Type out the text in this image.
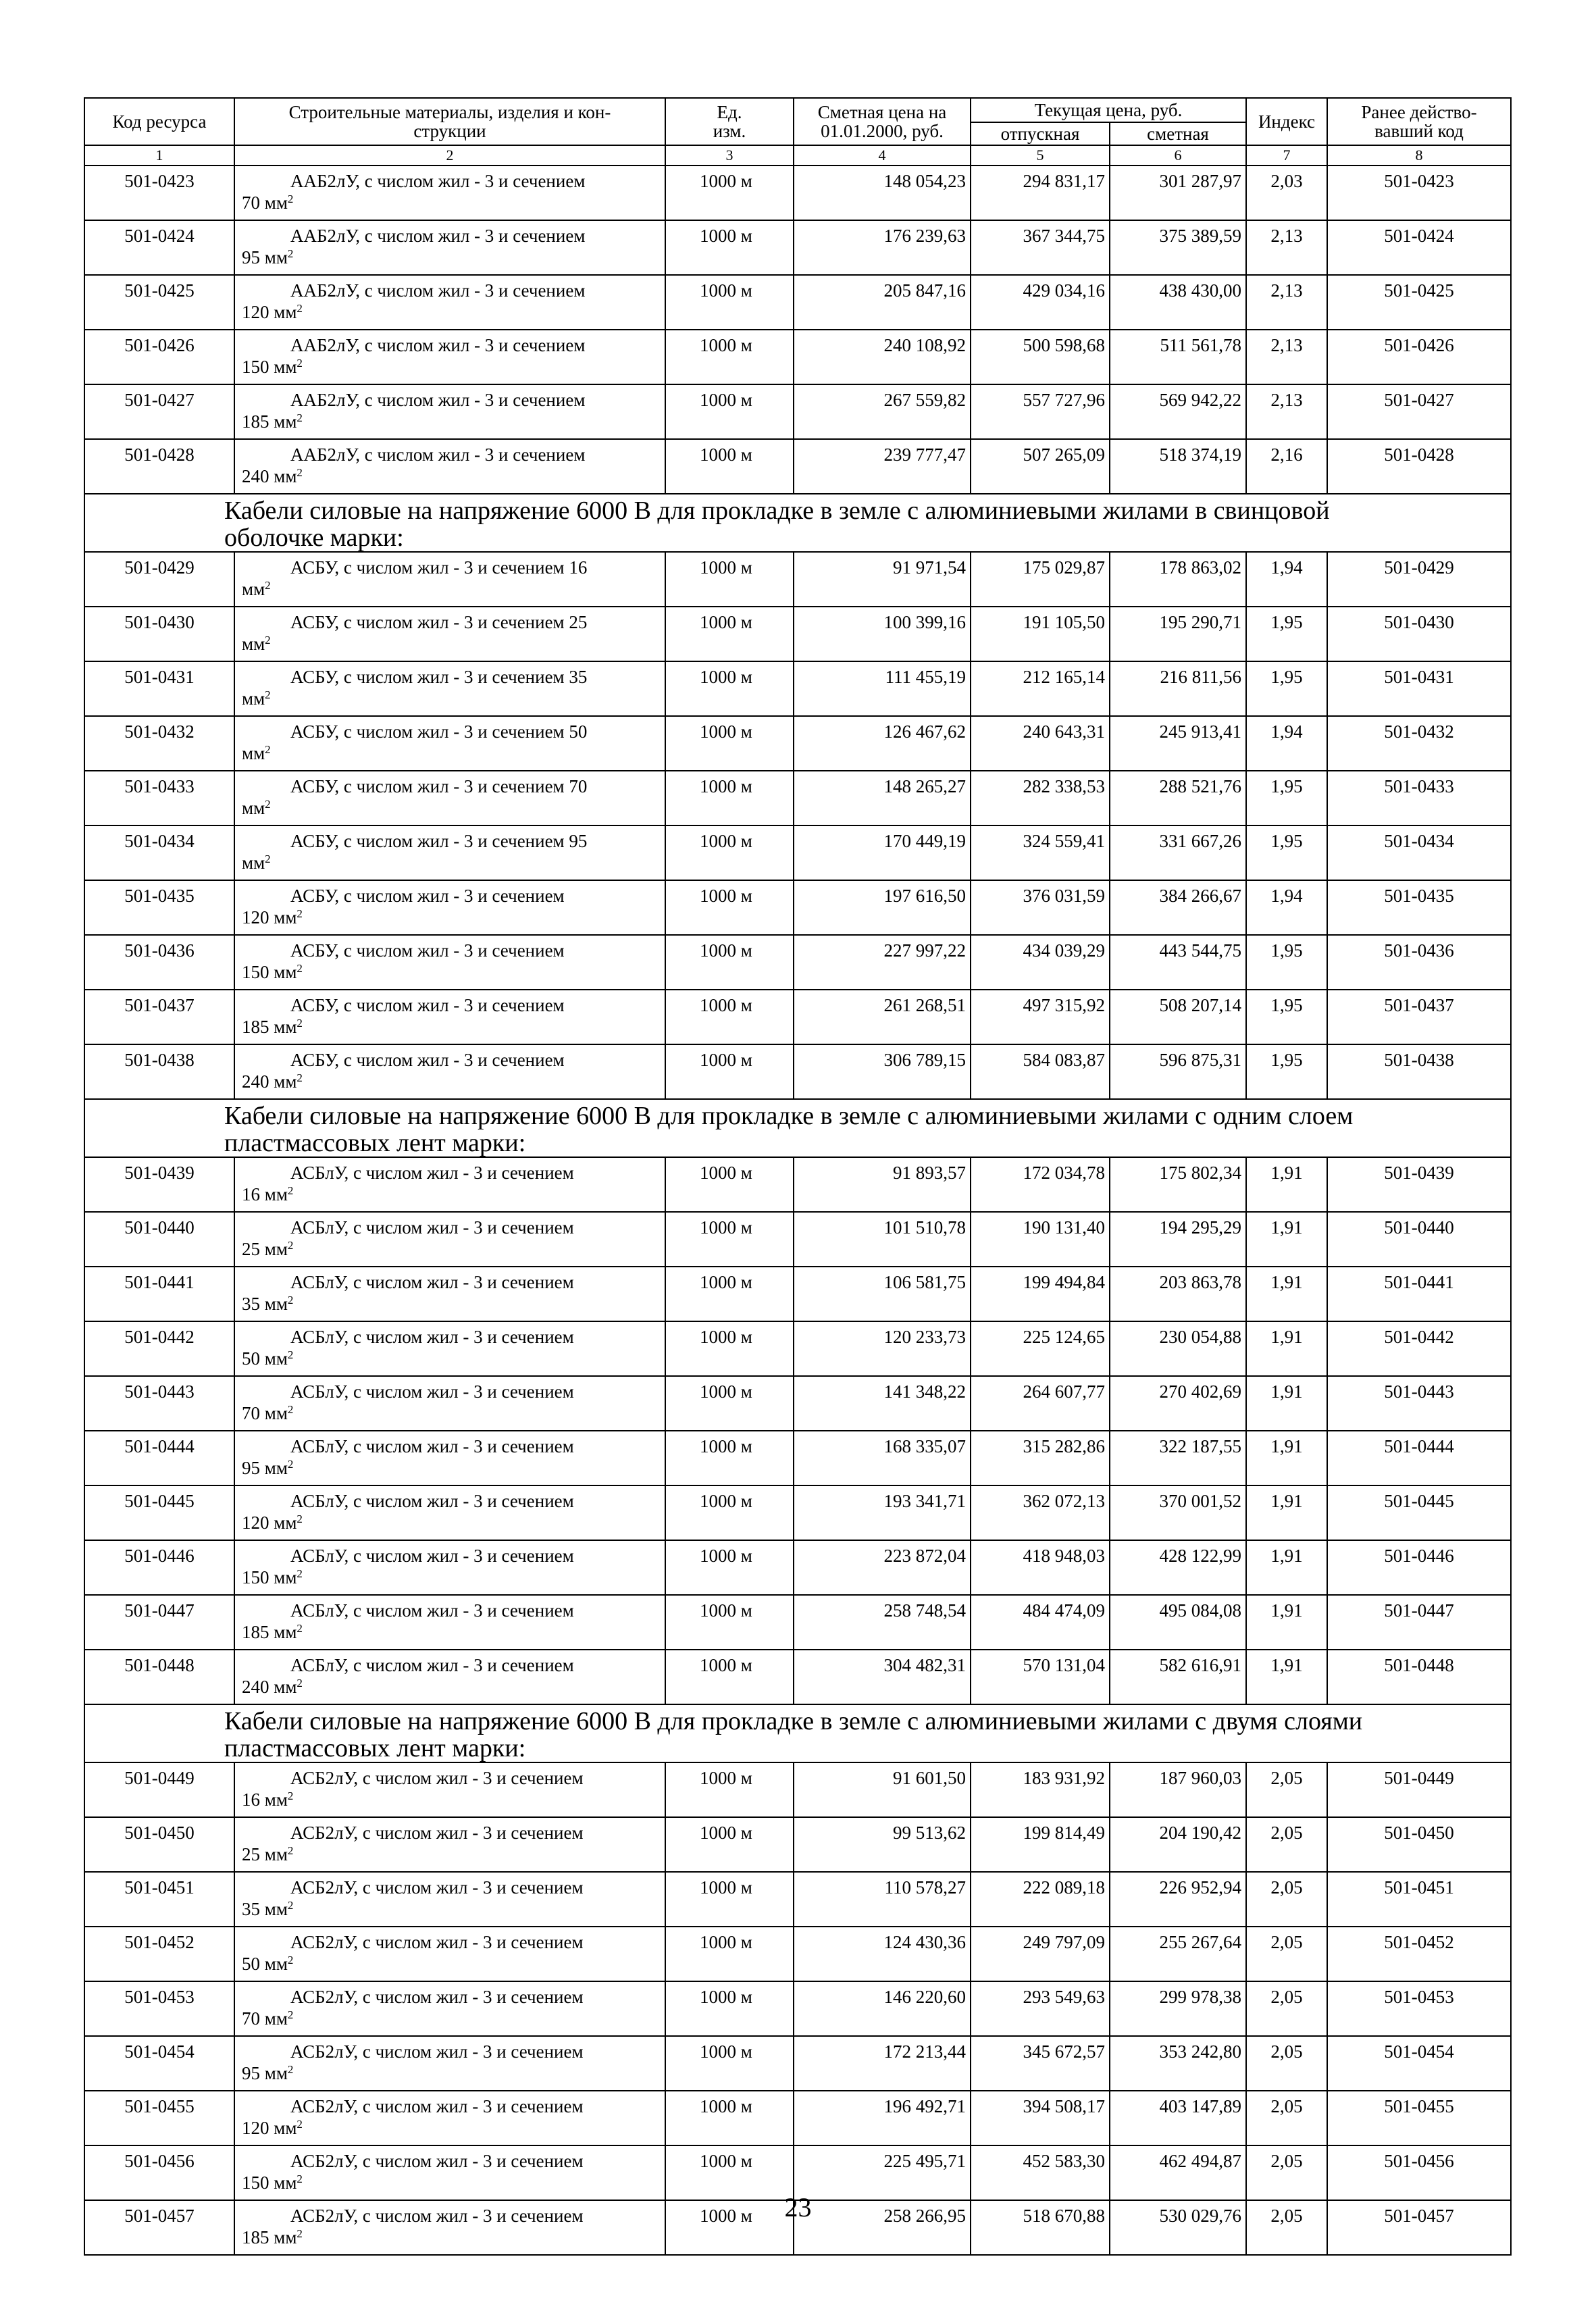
Код ресурса	Строительные материалы, изделия и кон-
струкции	Ед.
изм.	Сметная цена на
01.01.2000, руб.	Текущая цена, руб.		Индекс	Ранее действо-
вавший код
				отпускная	сметная		
1	2	3	4	5	6	7	8
501-0423	ААБ2лУ, с числом жил - 3 и сечением
70 $мм^2$	1000 м	148 054,23	294 831,17	301 287,97	2,03	501-0423
501-0424	ААБ2лУ, с числом жил - 3 и сечением
95 $мм^2$	1000 м	176 239,63	367 344,75	375 389,59	2,13	501-0424
501-0425	ААБ2лУ, с числом жил - 3 и сечением
120 $мм^2$	1000 м	205 847,16	429 034,16	438 430,00	2,13	501-0425
501-0426	ААБ2лУ, с числом жил - 3 и сечением
150 $мм^2$	1000 м	240 108,92	500 598,68	511 561,78	2,13	501-0426
501-0427	ААБ2лУ, с числом жил - 3 и сечением
185 $мм^2$	1000 м	267 559,82	557 727,96	569 942,22	2,13	501-0427
501-0428	ААБ2лУ, с числом жил - 3 и сечением
240 $мм^2$	1000 м	239 777,47	507 265,09	518 374,19	2,16	501-0428

Кабели силовые на напряжение 6000 В для прокладке в земле с алюминиевыми жилами в свинцовой
оболочке марки:							

501-0429	АСБУ, с числом жил - 3 и сечением 16
$мм^2$	1000 м	91 971,54	175 029,87	178 863,02	1,94	501-0429
501-0430	АСБУ, с числом жил - 3 и сечением 25
$мм^2$	1000 м	100 399,16	191 105,50	195 290,71	1,95	501-0430
501-0431	АСБУ, с числом жил - 3 и сечением 35
$мм^2$	1000 м	111 455,19	212 165,14	216 811,56	1,95	501-0431
501-0432	АСБУ, с числом жил - 3 и сечением 50
$мм^2$	1000 м	126 467,62	240 643,31	245 913,41	1,94	501-0432
501-0433	АСБУ, с числом жил - 3 и сечением 70
$мм^2$	1000 м	148 265,27	282 338,53	288 521,76	1,95	501-0433
501-0434	АСБУ, с числом жил - 3 и сечением 95
$мм^2$	1000 м	170 449,19	324 559,41	331 667,26	1,95	501-0434
501-0435	АСБУ, с числом жил - 3 и сечением
120 $мм^2$	1000 м	197 616,50	376 031,59	384 266,67	1,94	501-0435
501-0436	АСБУ, с числом жил - 3 и сечением
150 $мм^2$	1000 м	227 997,22	434 039,29	443 544,75	1,95	501-0436
501-0437	АСБУ, с числом жил - 3 и сечением
185 $мм^2$	1000 м	261 268,51	497 315,92	508 207,14	1,95	501-0437
501-0438	АСБУ, с числом жил - 3 и сечением
240 $мм^2$	1000 м	306 789,15	584 083,87	596 875,31	1,95	501-0438

Кабели силовые на напряжение 6000 В для прокладке в земле с алюминиевыми жилами с одним слоем
пластмассовых лент марки:							

501-0439	АСБлУ, с числом жил - 3 и сечением
16 $мм^2$	1000 м	91 893,57	172 034,78	175 802,34	1,91	501-0439
501-0440	АСБлУ, с числом жил - 3 и сечением
25 $мм^2$	1000 м	101 510,78	190 131,40	194 295,29	1,91	501-0440
501-0441	АСБлУ, с числом жил - 3 и сечением
35 $мм^2$	1000 м	106 581,75	199 494,84	203 863,78	1,91	501-0441
501-0442	АСБлУ, с числом жил - 3 и сечением
50 $мм^2$	1000 м	120 233,73	225 124,65	230 054,88	1,91	501-0442
501-0443	АСБлУ, с числом жил - 3 и сечением
70 $мм^2$	1000 м	141 348,22	264 607,77	270 402,69	1,91	501-0443
501-0444	АСБлУ, с числом жил - 3 и сечением
95 $мм^2$	1000 м	168 335,07	315 282,86	322 187,55	1,91	501-0444
501-0445	АСБлУ, с числом жил - 3 и сечением
120 $мм^2$	1000 м	193 341,71	362 072,13	370 001,52	1,91	501-0445
501-0446	АСБлУ, с числом жил - 3 и сечением
150 $мм^2$	1000 м	223 872,04	418 948,03	428 122,99	1,91	501-0446
501-0447	АСБлУ, с числом жил - 3 и сечением
185 $мм^2$	1000 м	258 748,54	484 474,09	495 084,08	1,91	501-0447
501-0448	АСБлУ, с числом жил - 3 и сечением
240 $мм^2$	1000 м	304 482,31	570 131,04	582 616,91	1,91	501-0448

Кабели силовые на напряжение 6000 В для прокладке в земле с алюминиевыми жилами с двумя слоями
пластмассовых лент марки:							

501-0449	АСБ2лУ, с числом жил - 3 и сечением
16 $мм^2$	1000 м	91 601,50	183 931,92	187 960,03	2,05	501-0449
501-0450	АСБ2лУ, с числом жил - 3 и сечением
25 $мм^2$	1000 м	99 513,62	199 814,49	204 190,42	2,05	501-0450
501-0451	АСБ2лУ, с числом жил - 3 и сечением
35 $мм^2$	1000 м	110 578,27	222 089,18	226 952,94	2,05	501-0451
501-0452	АСБ2лУ, с числом жил - 3 и сечением
50 $мм^2$	1000 м	124 430,36	249 797,09	255 267,64	2,05	501-0452
501-0453	АСБ2лУ, с числом жил - 3 и сечением
70 $мм^2$	1000 м	146 220,60	293 549,63	299 978,38	2,05	501-0453
501-0454	АСБ2лУ, с числом жил - 3 и сечением
95 $мм^2$	1000 м	172 213,44	345 672,57	353 242,80	2,05	501-0454
501-0455	АСБ2лУ, с числом жил - 3 и сечением
120 $мм^2$	1000 м	196 492,71	394 508,17	403 147,89	2,05	501-0455
501-0456	АСБ2лУ, с числом жил - 3 и сечением
150 $мм^2$	1000 м	225 495,71	452 583,30	462 494,87	2,05	501-0456
501-0457	АСБ2лУ, с числом жил - 3 и сечением
185 $мм^2$	1000 м	258 266,95	518 670,88	530 029,76	2,05	501-0457
23
